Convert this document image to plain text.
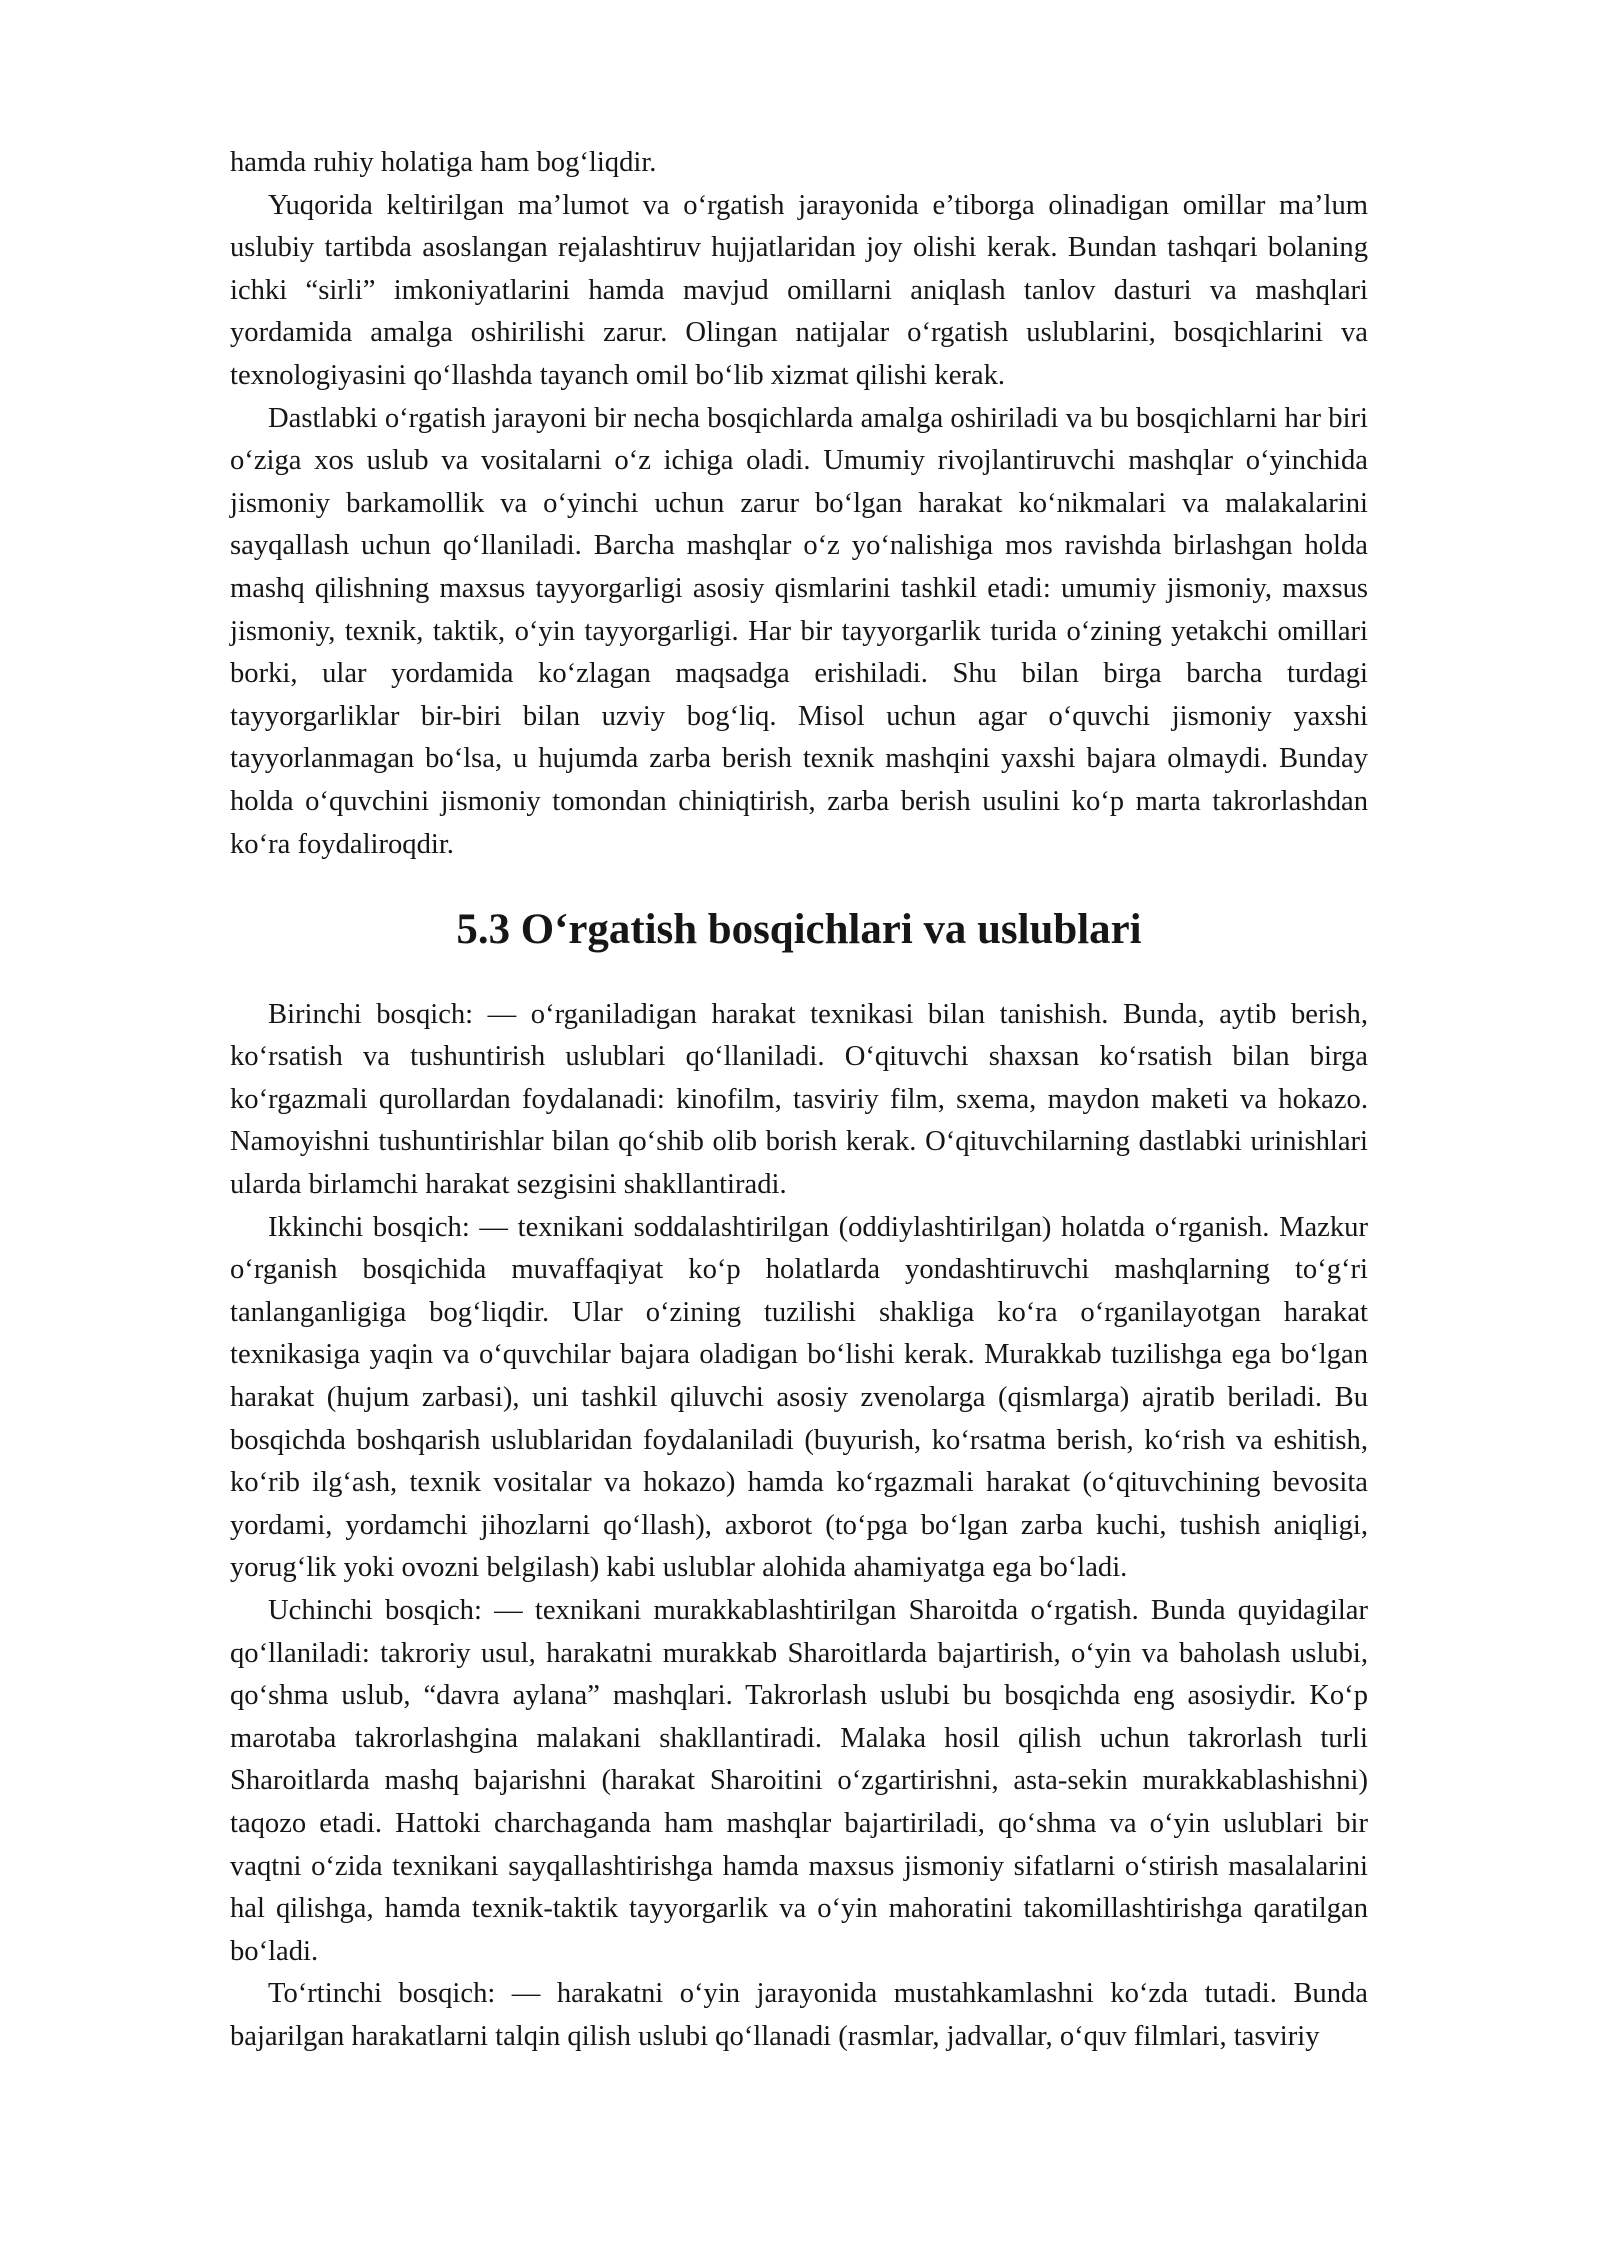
hamda ruhiy holatiga ham bog‘liqdir.

Yuqorida keltirilgan ma’lumot va o‘rgatish jarayonida e’tiborga olinadigan omillar ma’lum uslubiy tartibda asoslangan rejalashtiruv hujjatlaridan joy olishi kerak. Bundan tashqari bolaning ichki “sirli” imkoniyatlarini hamda mavjud omillarni aniqlash tanlov dasturi va mashqlari yordamida amalga oshirilishi zarur. Olingan natijalar o‘rgatish uslublarini, bosqichlarini va texnologiyasini qo‘llashda tayanch omil bo‘lib xizmat qilishi kerak.

Dastlabki o‘rgatish jarayoni bir necha bosqichlarda amalga oshiriladi va bu bosqichlarni har biri o‘ziga xos uslub va vositalarni o‘z ichiga oladi. Umumiy rivojlantiruvchi mashqlar o‘yinchida jismoniy barkamollik va o‘yinchi uchun zarur bo‘lgan harakat ko‘nikmalari va malakalarini sayqallash uchun qo‘llaniladi. Barcha mashqlar o‘z yo‘nalishiga mos ravishda birlashgan holda mashq qilishning maxsus tayyorgarligi asosiy qismlarini tashkil etadi: umumiy jismoniy, maxsus jismoniy, texnik, taktik, o‘yin tayyorgarligi. Har bir tayyorgarlik turida o‘zining yetakchi omillari borki, ular yordamida ko‘zlagan maqsadga erishiladi. Shu bilan birga barcha turdagi tayyorgarliklar bir-biri bilan uzviy bog‘liq. Misol uchun agar o‘quvchi jismoniy yaxshi tayyorlanmagan bo‘lsa, u hujumda zarba berish texnik mashqini yaxshi bajara olmaydi. Bunday holda o‘quvchini jismoniy tomondan chiniqtirish, zarba berish usulini ko‘p marta takrorlashdan ko‘ra foydaliroqdir.

5.3 O‘rgatish bosqichlari va uslublari

Birinchi bosqich: — o‘rganiladigan harakat texnikasi bilan tanishish. Bunda, aytib berish, ko‘rsatish va tushuntirish uslublari qo‘llaniladi. O‘qituvchi shaxsan ko‘rsatish bilan birga ko‘rgazmali qurollardan foydalanadi: kinofilm, tasviriy film, sxema, maydon maketi va hokazo. Namoyishni tushuntirishlar bilan qo‘shib olib borish kerak. O‘qituvchilarning dastlabki urinishlari ularda birlamchi harakat sezgisini shakllantiradi.

Ikkinchi bosqich: — texnikani soddalashtirilgan (oddiylashtirilgan) holatda o‘rganish. Mazkur o‘rganish bosqichida muvaffaqiyat ko‘p holatlarda yondashtiruvchi mashqlarning to‘g‘ri tanlanganligiga bog‘liqdir. Ular o‘zining tuzilishi shakliga ko‘ra o‘rganilayotgan harakat texnikasiga yaqin va o‘quvchilar bajara oladigan bo‘lishi kerak. Murakkab tuzilishga ega bo‘lgan harakat (hujum zarbasi), uni tashkil qiluvchi asosiy zvenolarga (qismlarga) ajratib beriladi. Bu bosqichda boshqarish uslublaridan foydalaniladi (buyurish, ko‘rsatma berish, ko‘rish va eshitish, ko‘rib ilg‘ash, texnik vositalar va hokazo) hamda ko‘rgazmali harakat (o‘qituvchining bevosita yordami, yordamchi jihozlarni qo‘llash), axborot (to‘pga bo‘lgan zarba kuchi, tushish aniqligi, yorug‘lik yoki ovozni belgilash) kabi uslublar alohida ahamiyatga ega bo‘ladi.

Uchinchi bosqich: — texnikani murakkablashtirilgan Sharoitda o‘rgatish. Bunda quyidagilar qo‘llaniladi: takroriy usul, harakatni murakkab Sharoitlarda bajartirish, o‘yin va baholash uslubi, qo‘shma uslub, “davra aylana” mashqlari. Takrorlash uslubi bu bosqichda eng asosiydir. Ko‘p marotaba takrorlashgina malakani shakllantiradi. Malaka hosil qilish uchun takrorlash turli Sharoitlarda mashq bajarishni (harakat Sharoitini o‘zgartirishni, asta-sekin murakkablashishni) taqozo etadi. Hattoki charchaganda ham mashqlar bajartiriladi, qo‘shma va o‘yin uslublari bir vaqtni o‘zida texnikani sayqallashtirishga hamda maxsus jismoniy sifatlarni o‘stirish masalalarini hal qilishga, hamda texnik-taktik tayyorgarlik va o‘yin mahoratini takomillashtirishga qaratilgan bo‘ladi.

To‘rtinchi bosqich: — harakatni o‘yin jarayonida mustahkamlashni ko‘zda tutadi. Bunda bajarilgan harakatlarni talqin qilish uslubi qo‘llanadi (rasmlar, jadvallar, o‘quv filmlari, tasviriy
